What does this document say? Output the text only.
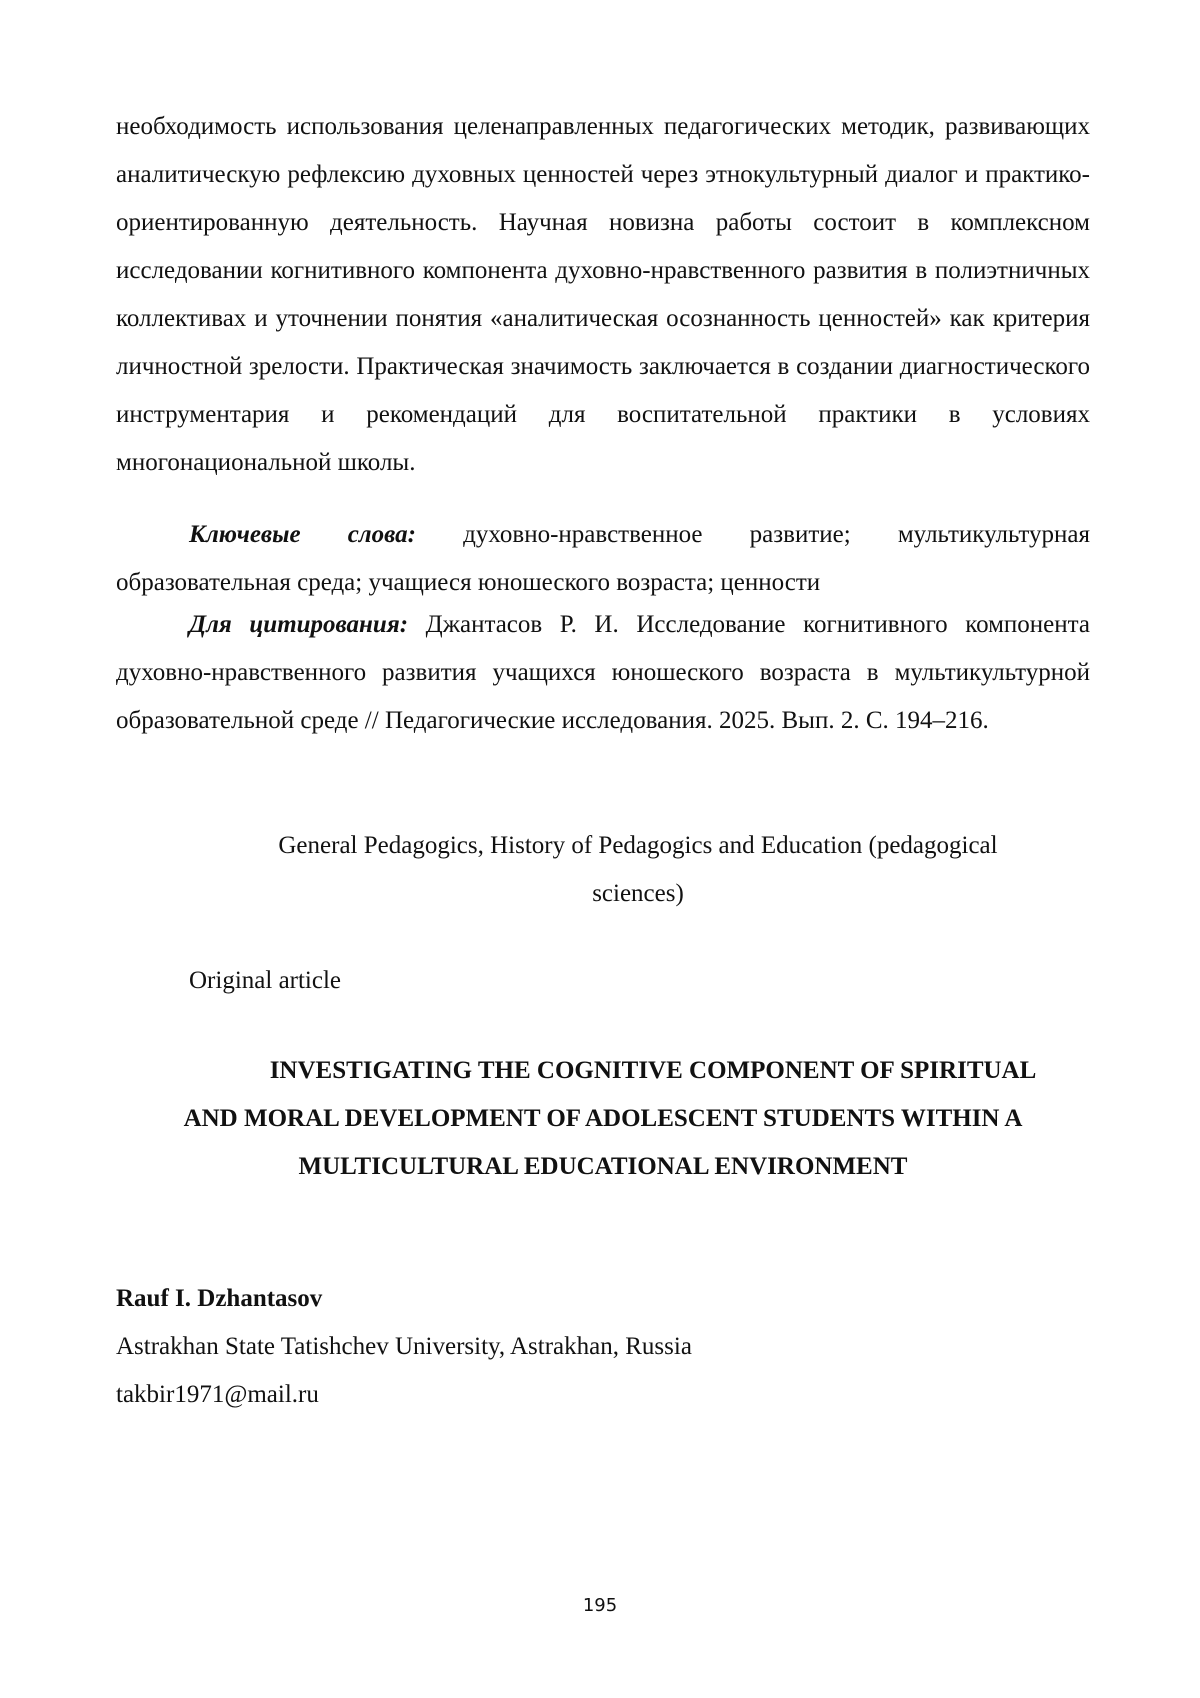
необходимость использования целенаправленных педагогических методик, развивающих аналитическую рефлексию духовных ценностей через этнокультурный диалог и практико-ориентированную деятельность. Научная новизна работы состоит в комплексном исследовании когнитивного компонента духовно-нравственного развития в полиэтничных коллективах и уточнении понятия «аналитическая осознанность ценностей» как критерия личностной зрелости. Практическая значимость заключается в создании диагностического инструментария и рекомендаций для воспитательной практики в условиях многонациональной школы.
Ключевые слова: духовно-нравственное развитие; мультикультурная образовательная среда; учащиеся юношеского возраста; ценности
Для цитирования: Джантасов Р. И. Исследование когнитивного компонента духовно-нравственного развития учащихся юношеского возраста в мультикультурной образовательной среде // Педагогические исследования. 2025. Вып. 2. С. 194–216.
General Pedagogics, History of Pedagogics and Education (pedagogical
sciences)
Original article
INVESTIGATING THE COGNITIVE COMPONENT OF SPIRITUAL
AND MORAL DEVELOPMENT OF ADOLESCENT STUDENTS WITHIN A
MULTICULTURAL EDUCATIONAL ENVIRONMENT
Rauf I. Dzhantasov
Astrakhan State Tatishchev University, Astrakhan, Russia
takbir1971@mail.ru
195
